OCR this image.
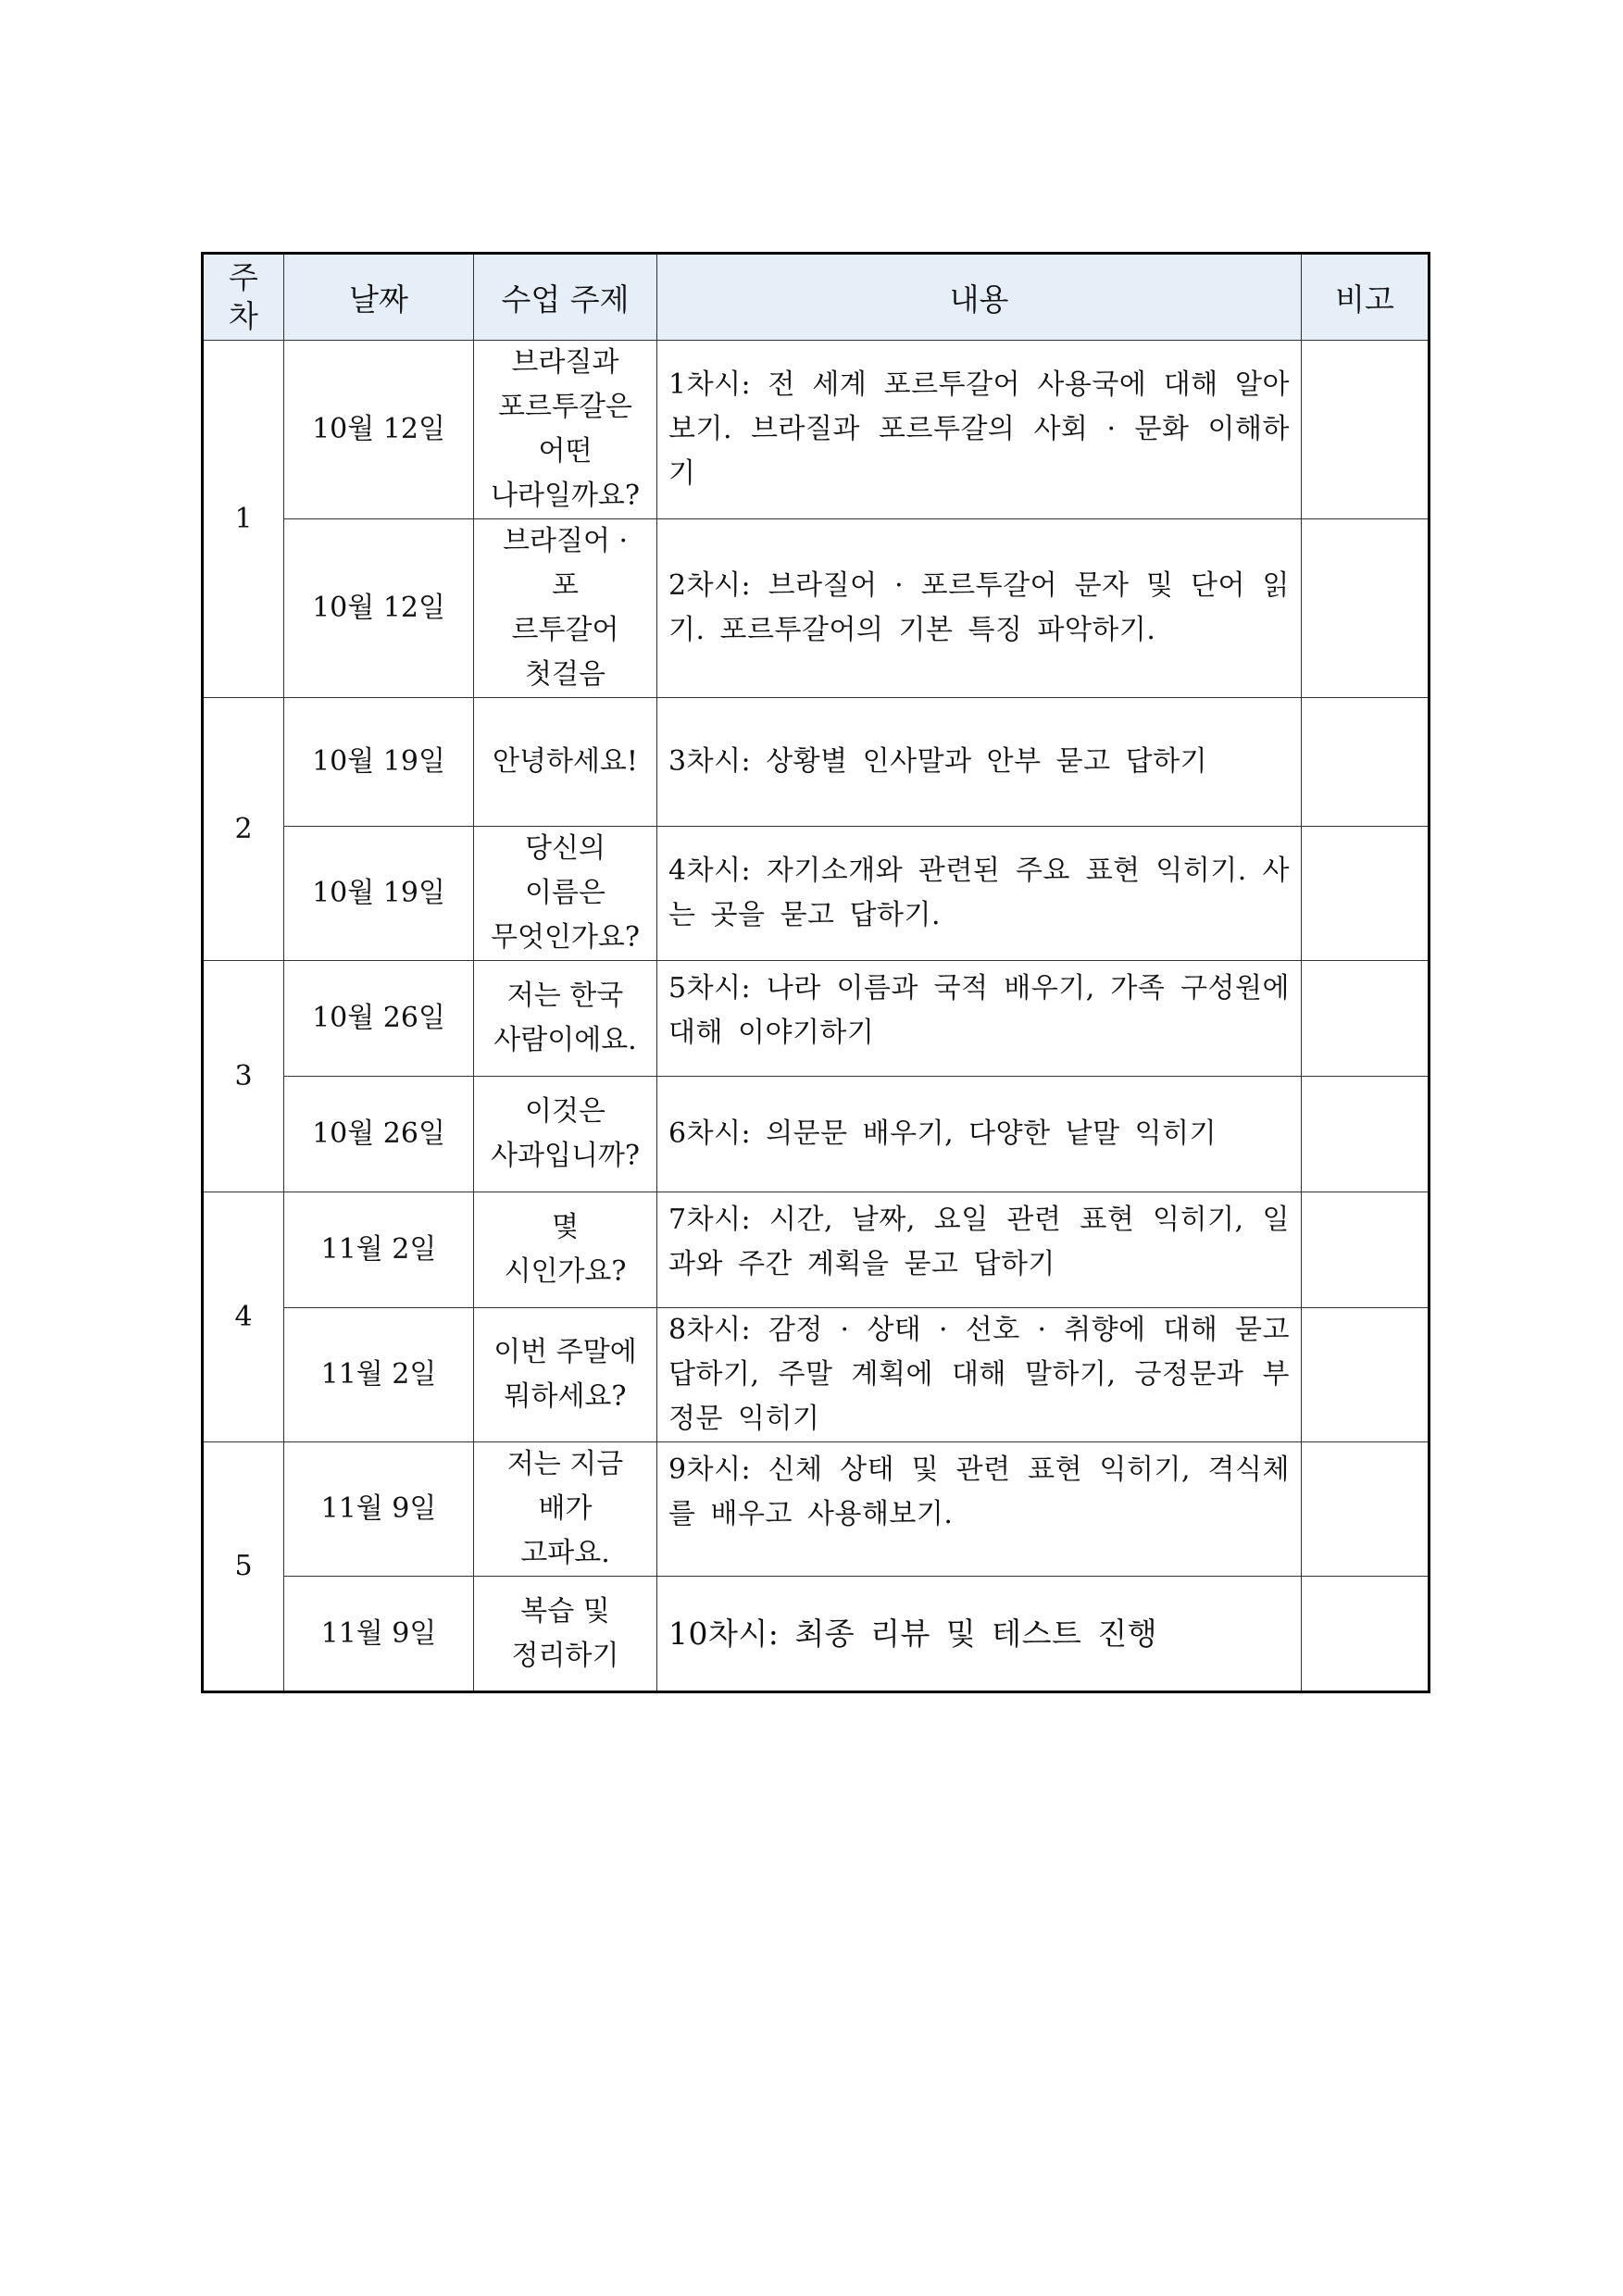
주
차	날짜	수업 주제	내용	비고
1	10월 12일	브라질과
포르투갈은
어떤
나라일까요?	1차시: 전 세계 포르투갈어 사용국에 대해 알아보기. 브라질과 포르투갈의 사회 · 문화 이해하기	
	10월 12일	브라질어 · 포
르투갈어
첫걸음	2차시: 브라질어 · 포르투갈어 문자 및 단어 읽기. 포르투갈어의 기본 특징 파악하기.	
2	10월 19일	안녕하세요!	3차시: 상황별 인사말과 안부 묻고 답하기	
	10월 19일	당신의
이름은
무엇인가요?	4차시: 자기소개와 관련된 주요 표현 익히기. 사는 곳을 묻고 답하기.	
3	10월 26일	저는 한국
사람이에요.	5차시: 나라 이름과 국적 배우기, 가족 구성원에 대해 이야기하기	
	10월 26일	이것은
사과입니까?	6차시: 의문문 배우기, 다양한 낱말 익히기	
4	11월 2일	몇
시인가요?	7차시: 시간, 날짜, 요일 관련 표현 익히기, 일과와 주간 계획을 묻고 답하기	
	11월 2일	이번 주말에
뭐하세요?	8차시: 감정 · 상태 · 선호 · 취향에 대해 묻고 답하기, 주말 계획에 대해 말하기, 긍정문과 부정문 익히기	
5	11월 9일	저는 지금
배가
고파요.	9차시: 신체 상태 및 관련 표현 익히기, 격식체를 배우고 사용해보기.	
	11월 9일	복습 및
정리하기	10차시: 최종 리뷰 및 테스트 진행	
